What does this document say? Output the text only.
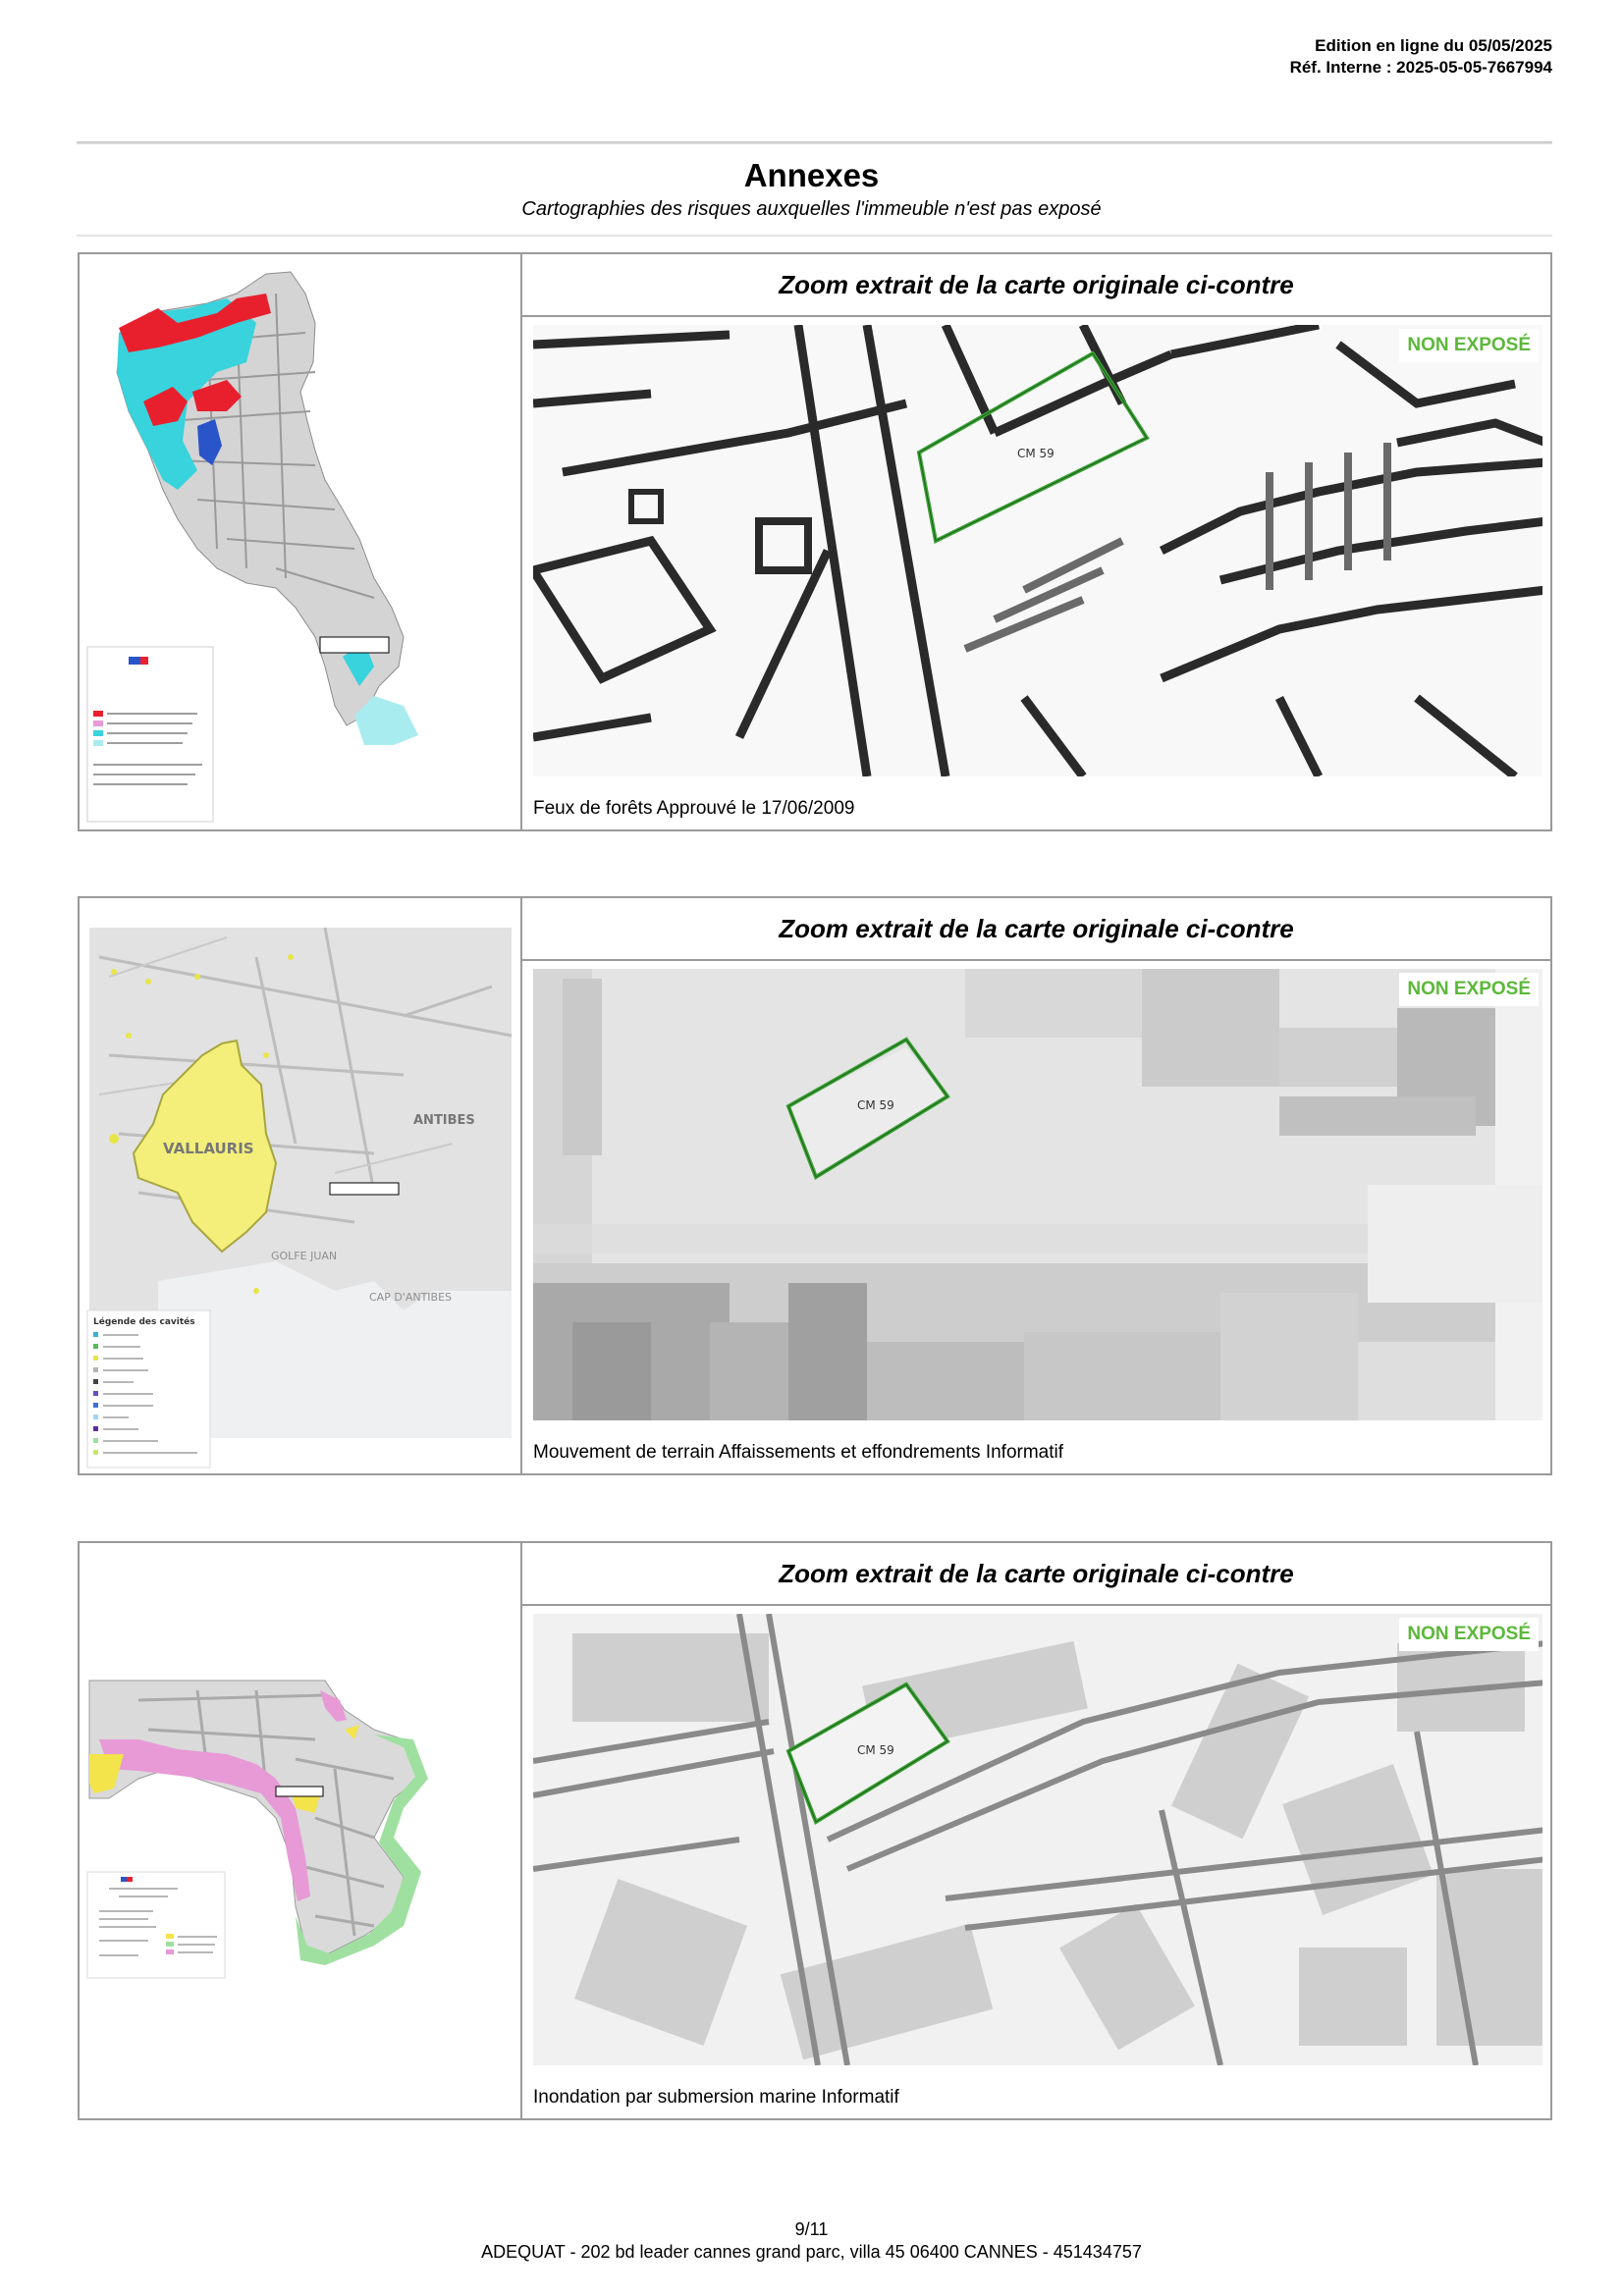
Edition en ligne du 05/05/2025
Réf. Interne : 2025-05-05-7667994
Annexes
Cartographies des risques auxquelles l'immeuble n'est pas exposé
Zoom extrait de la carte originale ci-contre
CM 59
NON EXPOSÉ
Feux de forêts Approuvé le 17/06/2009
VALLAURIS
ANTIBES
GOLFE JUAN
CAP D'ANTIBES
Légende des cavités
Zoom extrait de la carte originale ci-contre
CM 59
NON EXPOSÉ
Mouvement de terrain Affaissements et effondrements Informatif
Zoom extrait de la carte originale ci-contre
CM 59
NON EXPOSÉ
Inondation par submersion marine Informatif
9/11
ADEQUAT - 202 bd leader cannes grand parc, villa 45 06400 CANNES - 451434757
